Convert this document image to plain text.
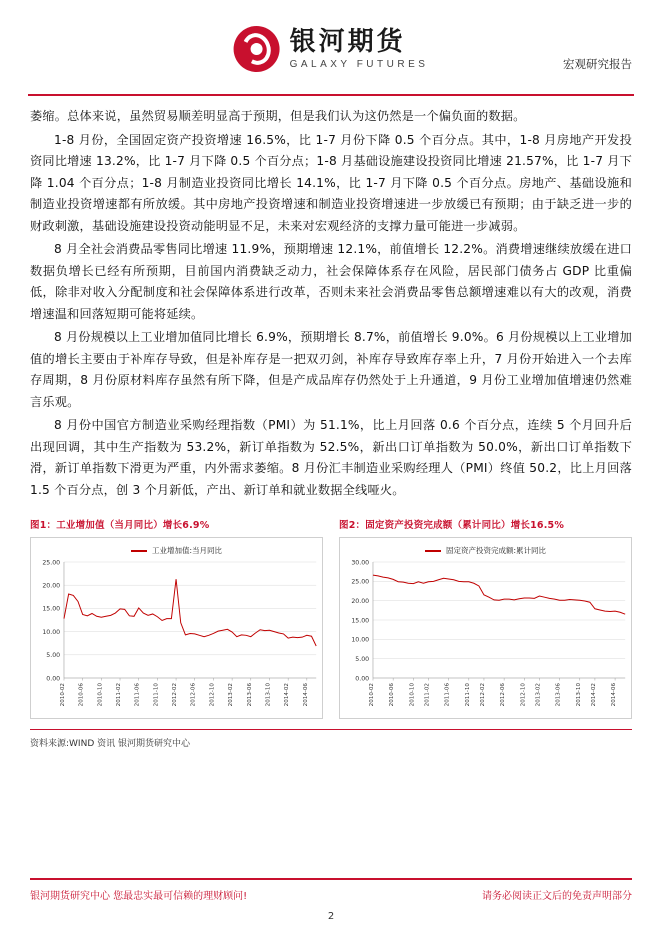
银河期货
GALAXY FUTURES	宏观研究报告

萎缩。总体来说，虽然贸易顺差明显高于预期，但是我们认为这仍然是一个偏负面的数据。

1-8 月份，全国固定资产投资增速 16.5%，比 1-7 月份下降 0.5 个百分点。其中，1-8 月房地产开发投资同比增速 13.2%，比 1-7 月下降 0.5 个百分点；1-8 月基础设施建设投资同比增速 21.57%，比 1-7 月下降 1.04 个百分点；1-8 月制造业投资同比增长 14.1%，比 1-7 月下降 0.5 个百分点。房地产、基础设施和制造业投资增速都有所放缓。其中房地产投资增速和制造业投资增速进一步放缓已有预期；由于缺乏进一步的财政刺激，基础设施建设投资动能明显不足，未来对宏观经济的支撑力量可能进一步减弱。

8 月全社会消费品零售同比增速 11.9%，预期增速 12.1%，前值增长 12.2%。消费增速继续放缓在进口数据负增长已经有所预期，目前国内消费缺乏动力，社会保障体系存在风险，居民部门债务占 GDP 比重偏低，除非对收入分配制度和社会保障体系进行改革，否则未来社会消费品零售总额增速难以有大的改观，消费增速温和回落短期可能将延续。

8 月份规模以上工业增加值同比增长 6.9%，预期增长 8.7%，前值增长 9.0%。6 月份规模以上工业增加值的增长主要由于补库存导致，但是补库存是一把双刃剑，补库存导致库存率上升，7 月份开始进入一个去库存周期，8 月份原材料库存虽然有所下降，但是产成品库存仍然处于上升通道，9 月份工业增加值增速仍然难言乐观。

8 月份中国官方制造业采购经理指数（PMI）为 51.1%，比上月回落 0.6 个百分点，连续 5 个月回升后出现回调，其中生产指数为 53.2%，新订单指数为 52.5%，新出口订单指数为 50.0%，新出口订单指数下滑，新订单指数下滑更为严重，内外需求萎缩。8 月份汇丰制造业采购经理人（PMI）终值 50.2，比上月回落 1.5 个百分点，创 3 个月新低，产出、新订单和就业数据全线哑火。

图1：工业增加值（当月同比）增长6.9%
工业增加值:当月同比
0.00
5.00
10.00
15.00
20.00
25.00
2010-02 2010-06 2010-10 2011-02 2011-06 2011-10 2012-02 2012-06 2012-10 2013-02 2013-06 2013-10 2014-02 2014-06
图2：固定资产投资完成额（累计同比）增长16.5%
固定资产投资完成额:累计同比
0.00
5.00
10.00
15.00
20.00
25.00
30.00
2010-02	2010-06	2010-10 2011-02	2011-06	2011-10 2012-02	2012-06	2012-10 2013-02	2013-06	2013-10 2014-02	2014-06
资料来源:WIND 资讯 银河期货研究中心
银河期货研究中心 您最忠实最可信赖的理财顾问!	请务必阅读正文后的免责声明部分
2
